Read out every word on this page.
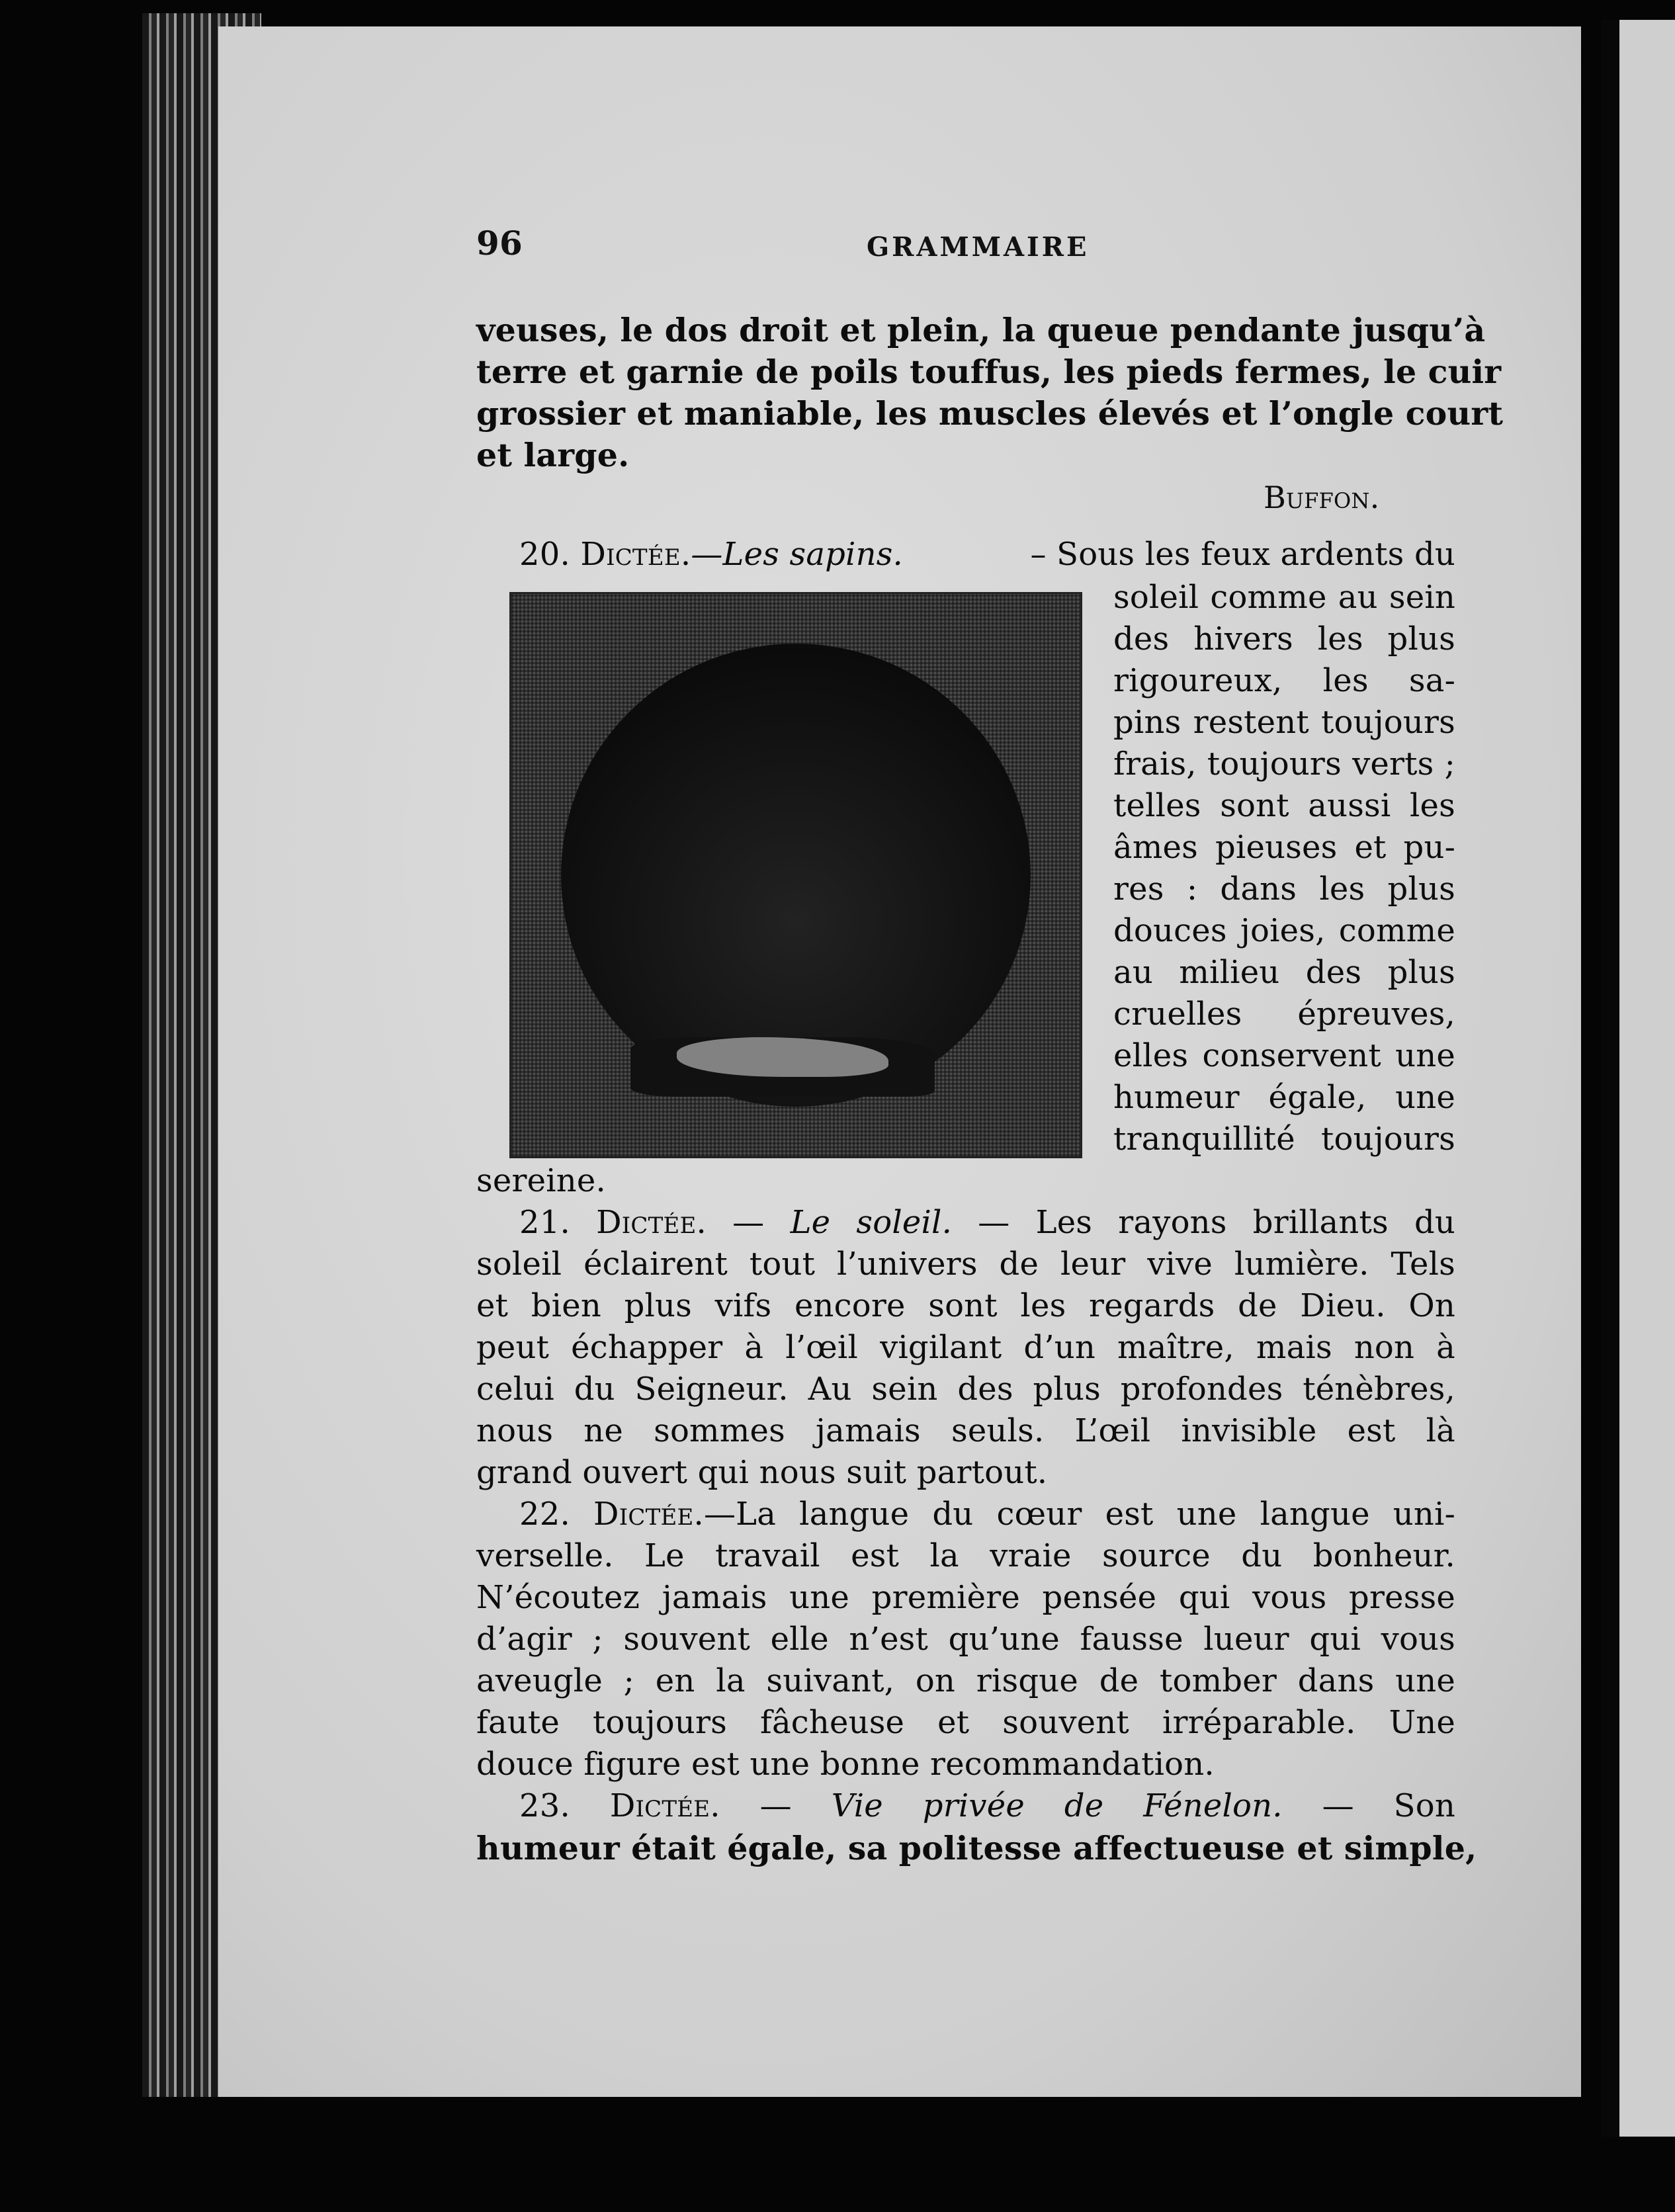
96	GRAMMAIRE
veuses, le dos droit et plein, la queue pendante jusqu’à
terre et garnie de poils touffus, les pieds fermes, le cuir
grossier et maniable, les muscles élevés et l’ongle court
et large.
Buffon.
20. Dictée.—Les sapins.	– Sous les feux ardents du
soleil comme au sein
des hivers les plus
rigoureux, les sa-
pins restent toujours
frais, toujours verts ;
telles sont aussi les
âmes pieuses et pu-
res : dans les plus
douces joies, comme
au milieu des plus
cruelles épreuves,
elles conservent une
humeur égale, une
tranquillité toujours
sereine.
21. Dictée. — Le soleil. — Les rayons brillants du
soleil éclairent tout l’univers de leur vive lumière. Tels
et bien plus vifs encore sont les regards de Dieu. On
peut échapper à l’œil vigilant d’un maître, mais non à
celui du Seigneur. Au sein des plus profondes ténèbres,
nous ne sommes jamais seuls. L’œil invisible est là
grand ouvert qui nous suit partout.
22. Dictée.—La langue du cœur est une langue uni-
verselle. Le travail est la vraie source du bonheur.
N’écoutez jamais une première pensée qui vous presse
d’agir ; souvent elle n’est qu’une fausse lueur qui vous
aveugle ; en la suivant, on risque de tomber dans une
faute toujours fâcheuse et souvent irréparable. Une
douce figure est une bonne recommandation.
23. Dictée. — Vie privée de Fénelon. — Son
humeur était égale, sa politesse affectueuse et simple,
